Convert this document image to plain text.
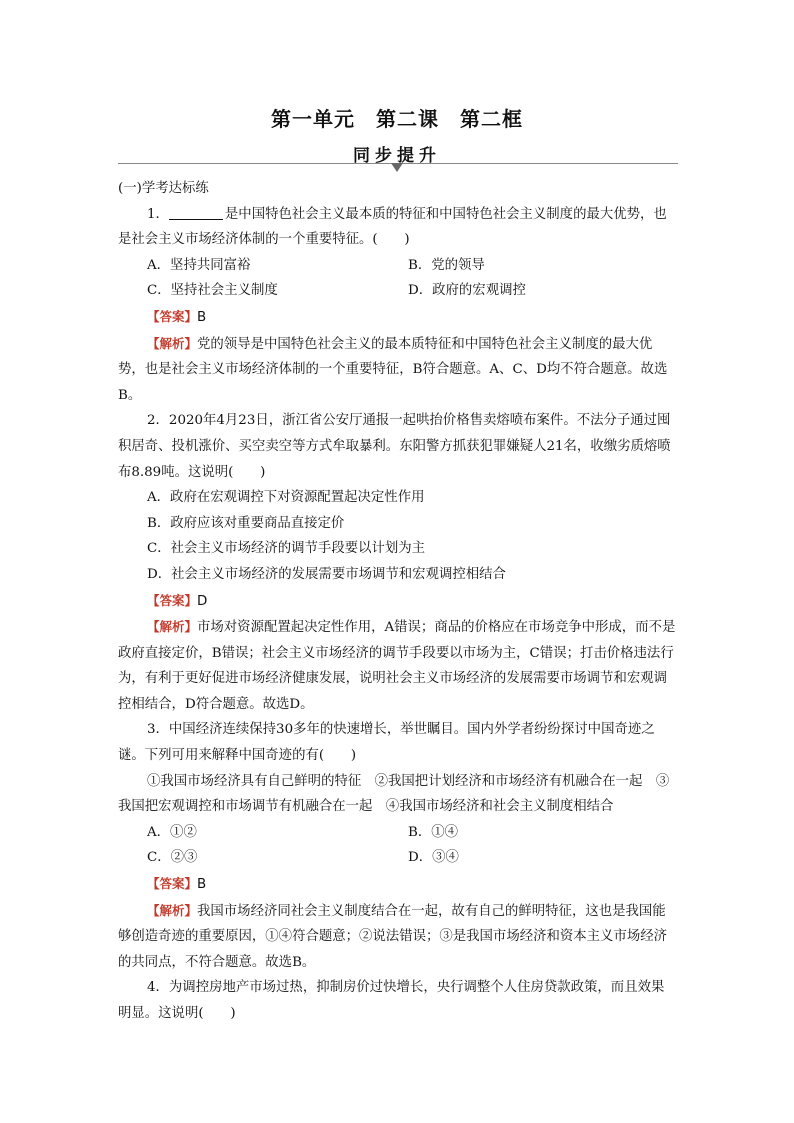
第一单元　第二课　第二框
同步提升

(一)学考达标练

1．	是中国特色社会主义最本质的特征和中国特色社会主义制度的最大优势，也是社会主义市场经济体制的一个重要特征。(　　)

A．坚持共同富裕	B．党的领导
C．坚持社会主义制度	D．政府的宏观调控

【答案】B

【解析】党的领导是中国特色社会主义的最本质特征和中国特色社会主义制度的最大优势，也是社会主义市场经济体制的一个重要特征，B符合题意。A、C、D均不符合题意。故选B。

2．2020年4月23日，浙江省公安厅通报一起哄抬价格售卖熔喷布案件。不法分子通过囤积居奇、投机涨价、买空卖空等方式牟取暴利。东阳警方抓获犯罪嫌疑人21名，收缴劣质熔喷布8.89吨。这说明(　　)

A．政府在宏观调控下对资源配置起决定性作用

B．政府应该对重要商品直接定价

C．社会主义市场经济的调节手段要以计划为主

D．社会主义市场经济的发展需要市场调节和宏观调控相结合

【答案】D

【解析】市场对资源配置起决定性作用，A错误；商品的价格应在市场竞争中形成，而不是政府直接定价，B错误；社会主义市场经济的调节手段要以市场为主，C错误；打击价格违法行为，有利于更好促进市场经济健康发展，说明社会主义市场经济的发展需要市场调节和宏观调控相结合，D符合题意。故选D。

3．中国经济连续保持30多年的快速增长，举世瞩目。国内外学者纷纷探讨中国奇迹之谜。下列可用来解释中国奇迹的有(　　)

①我国市场经济具有自己鲜明的特征　②我国把计划经济和市场经济有机融合在一起　③我国把宏观调控和市场调节有机融合在一起　④我国市场经济和社会主义制度相结合

A．①②	B．①④
C．②③	D．③④

【答案】B

【解析】我国市场经济同社会主义制度结合在一起，故有自己的鲜明特征，这也是我国能够创造奇迹的重要原因，①④符合题意；②说法错误；③是我国市场经济和资本主义市场经济的共同点，不符合题意。故选B。

4．为调控房地产市场过热，抑制房价过快增长，央行调整个人住房贷款政策，而且效果明显。这说明(　　)
